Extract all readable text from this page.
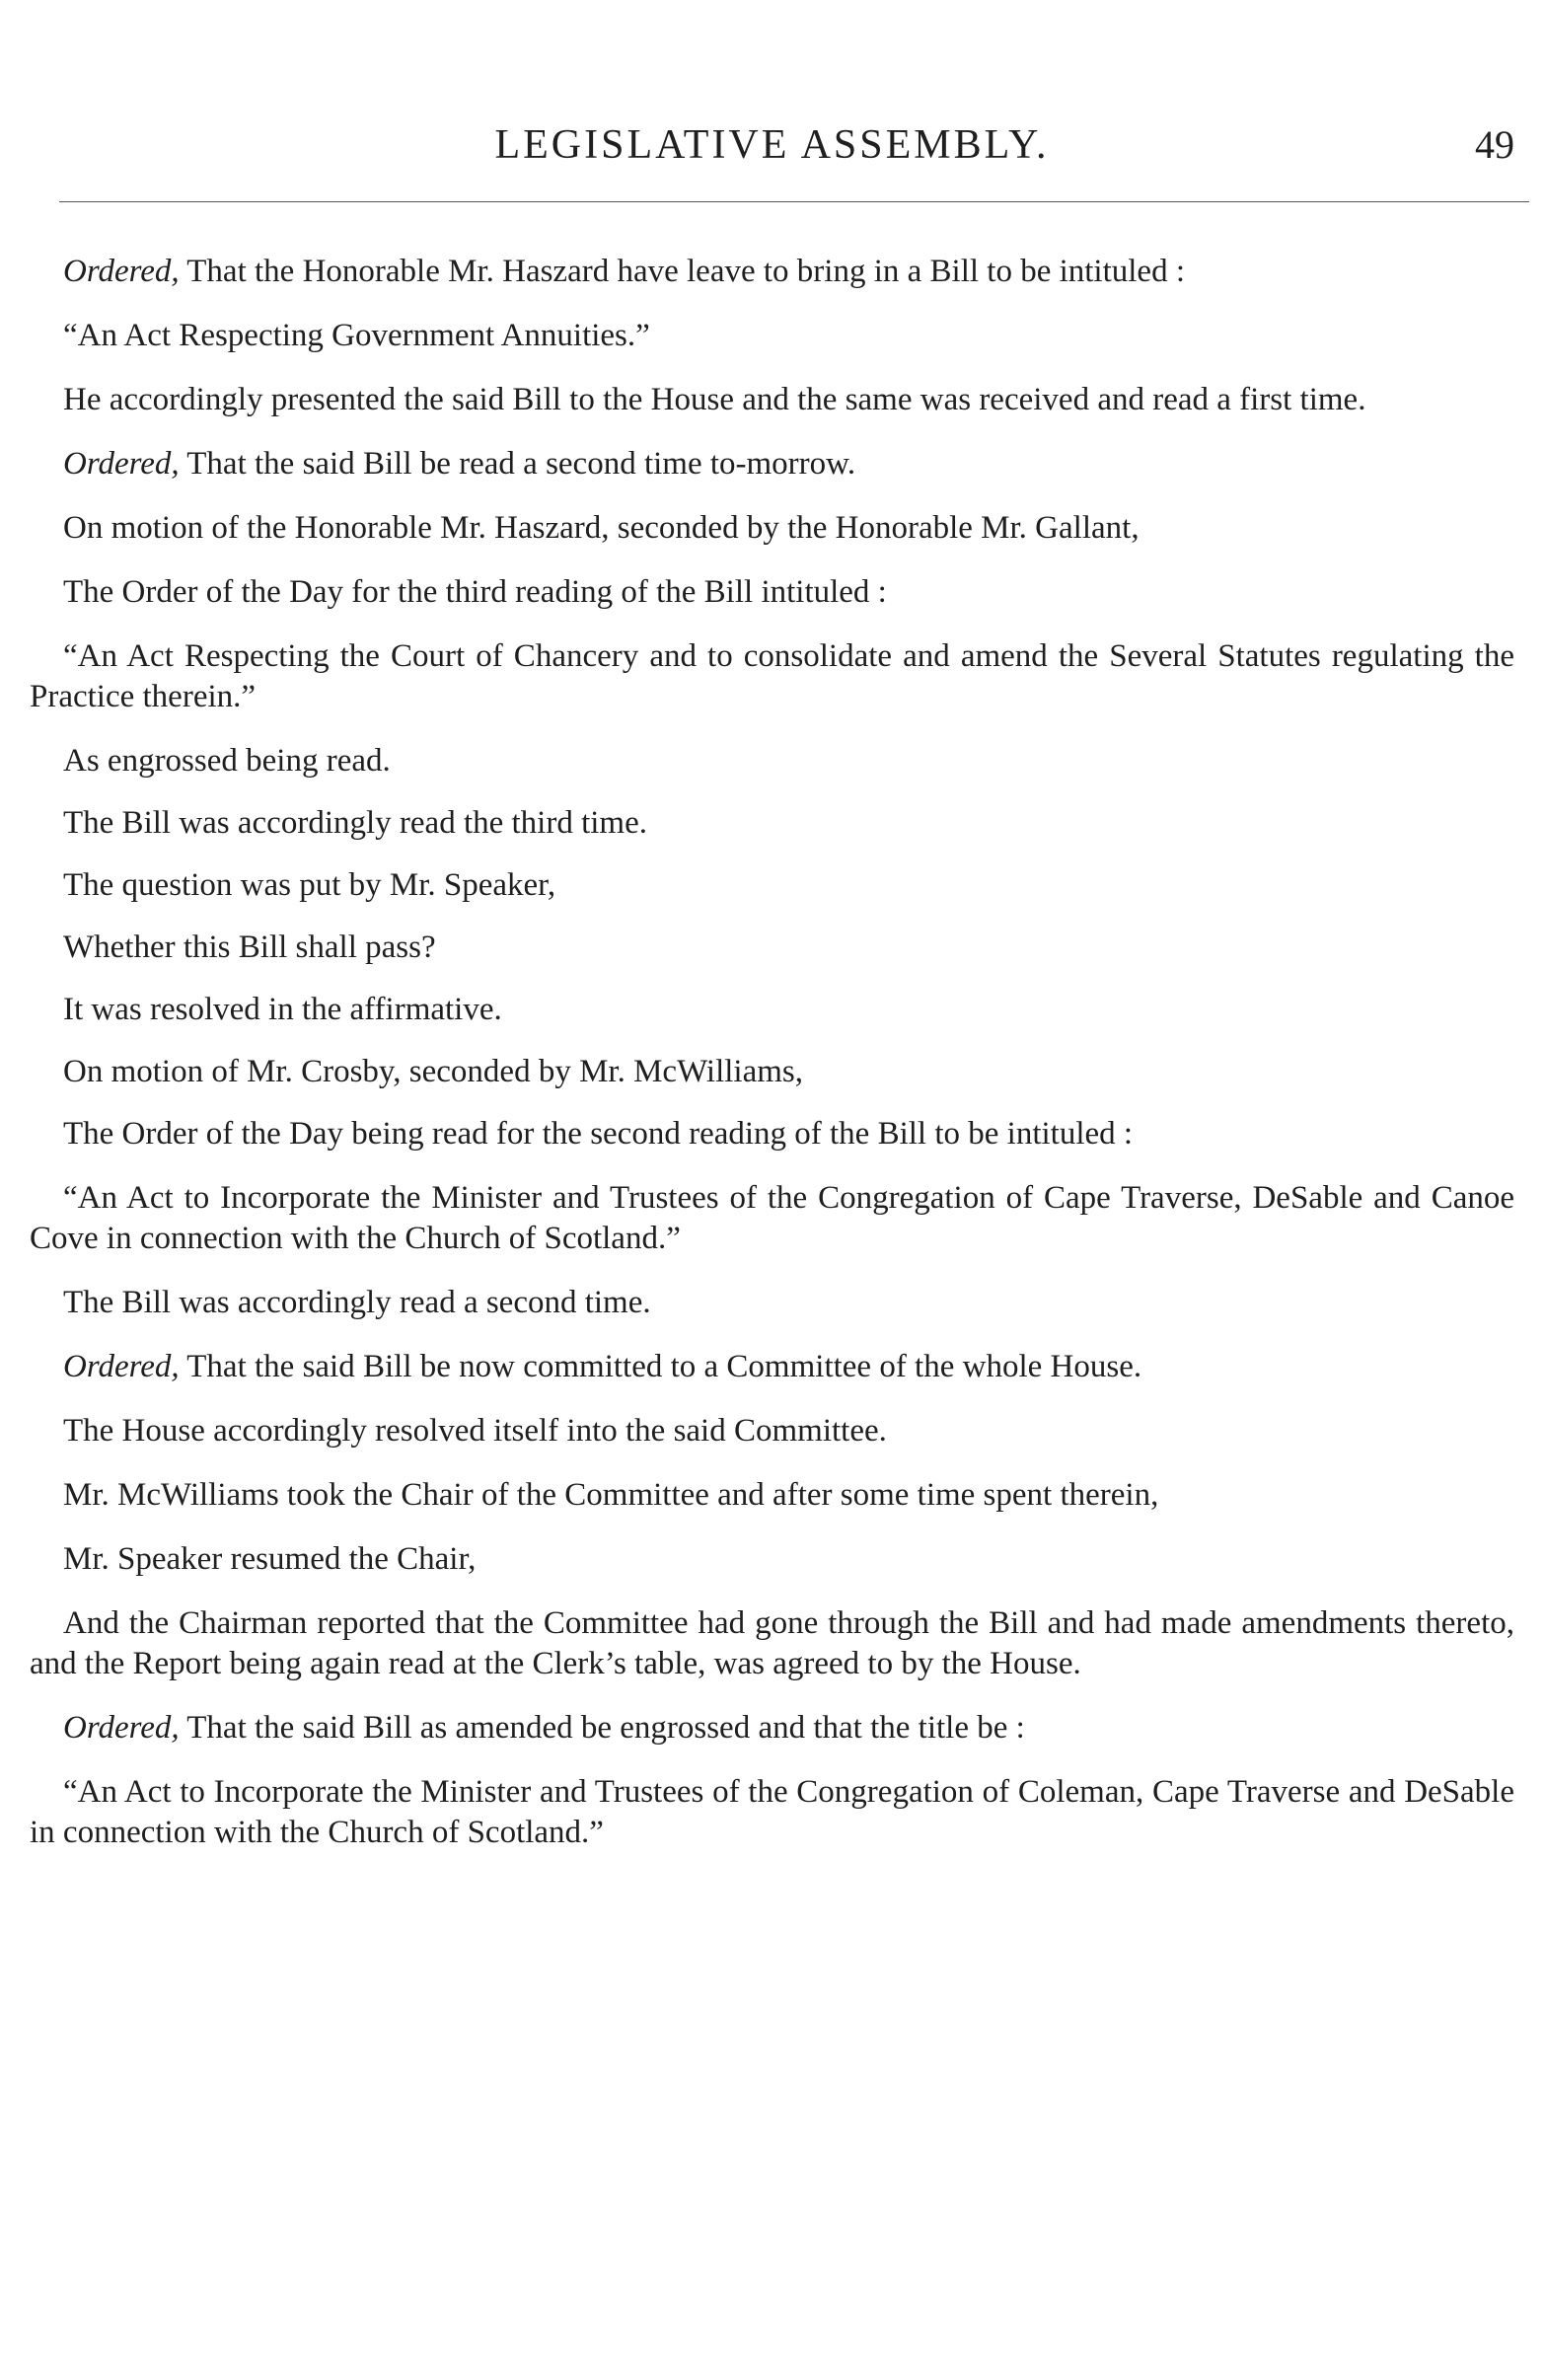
LEGISLATIVE ASSEMBLY.	49

Ordered, That the Honorable Mr. Haszard have leave to bring in a Bill to be intituled :

“An Act Respecting Government Annuities.”

He accordingly presented the said Bill to the House and the same was received and read a first time.

Ordered, That the said Bill be read a second time to-morrow.

On motion of the Honorable Mr. Haszard, seconded by the Honorable Mr. Gallant,

The Order of the Day for the third reading of the Bill intituled :

“An Act Respecting the Court of Chancery and to consolidate and amend the Several Statutes regulating the Practice therein.”

As engrossed being read.

The Bill was accordingly read the third time.

The question was put by Mr. Speaker,

Whether this Bill shall pass?

It was resolved in the affirmative.

On motion of Mr. Crosby, seconded by Mr. McWilliams,

The Order of the Day being read for the second reading of the Bill to be intituled :

“An Act to Incorporate the Minister and Trustees of the Congregation of Cape Traverse, DeSable and Canoe Cove in connection with the Church of Scotland.”

The Bill was accordingly read a second time.

Ordered, That the said Bill be now committed to a Committee of the whole House.

The House accordingly resolved itself into the said Committee.

Mr. McWilliams took the Chair of the Committee and after some time spent therein,

Mr. Speaker resumed the Chair,

And the Chairman reported that the Committee had gone through the Bill and had made amendments thereto, and the Report being again read at the Clerk’s table, was agreed to by the House.

Ordered, That the said Bill as amended be engrossed and that the title be :

“An Act to Incorporate the Minister and Trustees of the Congregation of Coleman, Cape Traverse and DeSable in connection with the Church of Scotland.”
